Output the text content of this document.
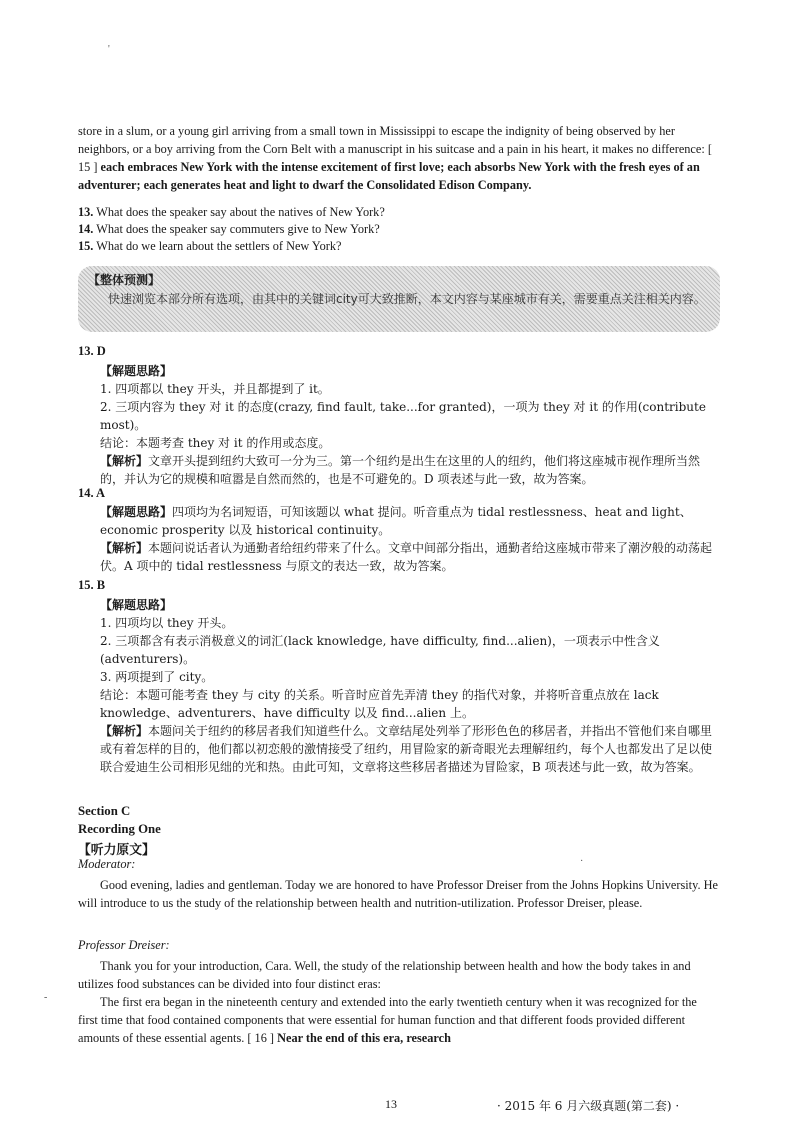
'

store in a slum, or a young girl arriving from a small town in Mississippi to escape the indignity of being observed by her neighbors, or a boy arriving from the Corn Belt with a manuscript in his suitcase and a pain in his heart, it makes no difference: [ 15 ] each embraces New York with the intense excitement of first love; each absorbs New York with the fresh eyes of an adventurer; each generates heat and light to dwarf the Consolidated Edison Company.

13. What does the speaker say about the natives of New York?
14. What does the speaker say commuters give to New York?
15. What do we learn about the settlers of New York?
【整体预测】
快速浏览本部分所有选项，由其中的关键词city可大致推断，本文内容与某座城市有关，需要重点关注相关内容。
13. D
【解题思路】
1. 四项都以 they 开头，并且都提到了 it。
2. 三项内容为 they 对 it 的态度(crazy, find fault, take...for granted)，一项为 they 对 it 的作用(contribute most)。
结论：本题考查 they 对 it 的作用或态度。
【解析】文章开头提到纽约大致可一分为三。第一个纽约是出生在这里的人的纽约，他们将这座城市视作理所当然的，并认为它的规模和喧嚣是自然而然的，也是不可避免的。D 项表述与此一致，故为答案。
14. A
【解题思路】四项均为名词短语，可知该题以 what 提问。听音重点为 tidal restlessness、heat and light、economic prosperity 以及 historical continuity。
【解析】本题问说话者认为通勤者给纽约带来了什么。文章中间部分指出，通勤者给这座城市带来了潮汐般的动荡起伏。A 项中的 tidal restlessness 与原文的表达一致，故为答案。
15. B
【解题思路】
1. 四项均以 they 开头。
2. 三项都含有表示消极意义的词汇(lack knowledge, have difficulty, find...alien)，一项表示中性含义(adventurers)。
3. 两项提到了 city。
结论：本题可能考查 they 与 city 的关系。听音时应首先弄清 they 的指代对象，并将听音重点放在 lack knowledge、adventurers、have difficulty 以及 find...alien 上。
【解析】本题问关于纽约的移居者我们知道些什么。文章结尾处列举了形形色色的移居者，并指出不管他们来自哪里或有着怎样的目的，他们都以初恋般的激情接受了纽约，用冒险家的新奇眼光去理解纽约，每个人也都发出了足以使联合爱迪生公司相形见绌的光和热。由此可知，文章将这些移居者描述为冒险家，B 项表述与此一致，故为答案。
Section C
Recording One
【听力原文】
Moderator:	·

Good evening, ladies and gentleman. Today we are honored to have Professor Dreiser from the Johns Hopkins University. He will introduce to us the study of the relationship between health and nutrition-utilization. Professor Dreiser, please.

Professor Dreiser:

Thank you for your introduction, Cara. Well, the study of the relationship between health and how the body takes in and utilizes food substances can be divided into four distinct eras:

-	The first era began in the nineteenth century and extended into the early twentieth century when it was recognized for the first time that food contained components that were essential for human function and that different foods provided different amounts of these essential agents. [ 16 ] Near the end of this era, research

13	· 2015 年 6 月六级真题(第二套) ·
